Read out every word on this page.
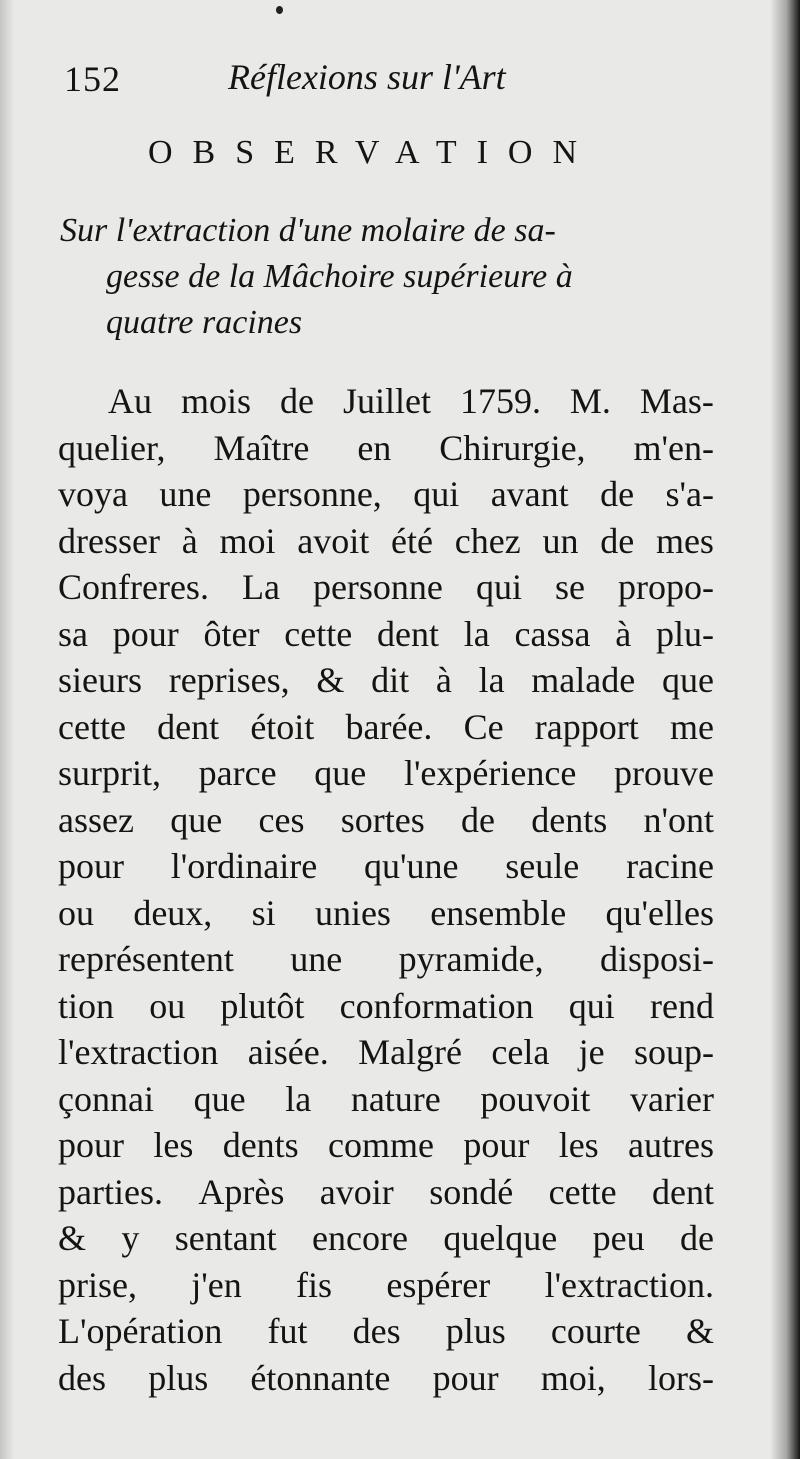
152	Réflexions sur l'Art
OBSERVATION
Sur l'extraction d'une molaire de sa-
gesse de la Mâchoire supérieure à
quatre racines
Au mois de Juillet 1759. M. Mas-
quelier, Maître en Chirurgie, m'en-
voya une personne, qui avant de s'a-
dresser à moi avoit été chez un de mes
Confreres. La personne qui se propo-
sa pour ôter cette dent la cassa à plu-
sieurs reprises, & dit à la malade que
cette dent étoit barée. Ce rapport me
surprit, parce que l'expérience prouve
assez que ces sortes de dents n'ont
pour l'ordinaire qu'une seule racine
ou deux, si unies ensemble qu'elles
représentent une pyramide, disposi-
tion ou plutôt conformation qui rend
l'extraction aisée. Malgré cela je soup-
çonnai que la nature pouvoit varier
pour les dents comme pour les autres
parties. Après avoir sondé cette dent
& y sentant encore quelque peu de
prise, j'en fis espérer l'extraction.
L'opération fut des plus courte &
des plus étonnante pour moi, lors-
